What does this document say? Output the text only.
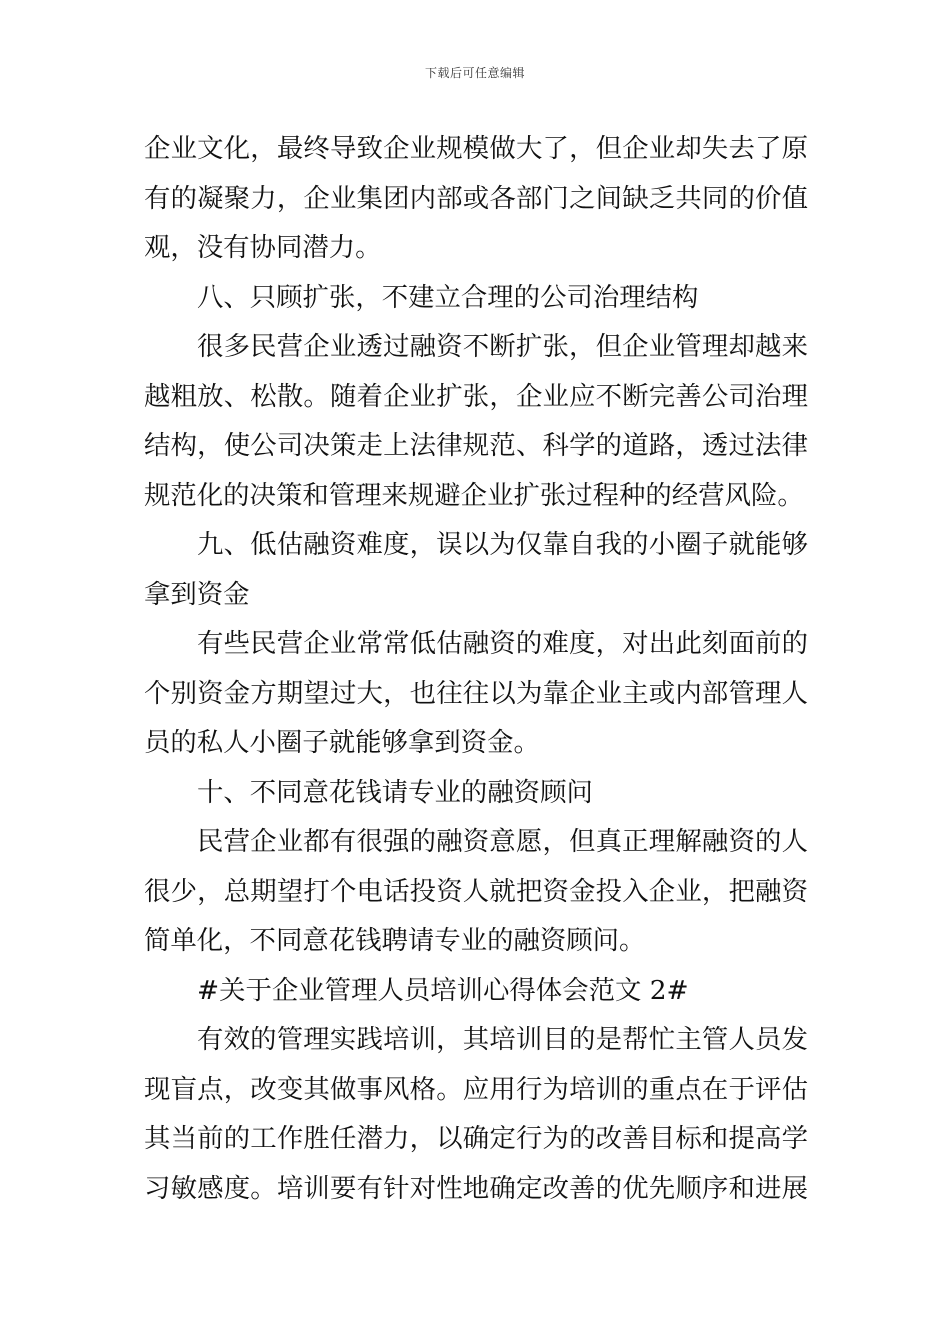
下载后可任意编辑
企业文化，最终导致企业规模做大了，但企业却失去了原
有的凝聚力，企业集团内部或各部门之间缺乏共同的价值
观，没有协同潜力。
八、只顾扩张，不建立合理的公司治理结构
很多民营企业透过融资不断扩张，但企业管理却越来
越粗放、松散。随着企业扩张，企业应不断完善公司治理
结构，使公司决策走上法律规范、科学的道路，透过法律
规范化的决策和管理来规避企业扩张过程种的经营风险。
九、低估融资难度，误以为仅靠自我的小圈子就能够
拿到资金
有些民营企业常常低估融资的难度，对出此刻面前的
个别资金方期望过大，也往往以为靠企业主或内部管理人
员的私人小圈子就能够拿到资金。
十、不同意花钱请专业的融资顾问
民营企业都有很强的融资意愿，但真正理解融资的人
很少，总期望打个电话投资人就把资金投入企业，把融资
简单化，不同意花钱聘请专业的融资顾问。
#关于企业管理人员培训心得体会范文 2#
有效的管理实践培训，其培训目的是帮忙主管人员发
现盲点，改变其做事风格。应用行为培训的重点在于评估
其当前的工作胜任潜力，以确定行为的改善目标和提高学
习敏感度。培训要有针对性地确定改善的优先顺序和进展
